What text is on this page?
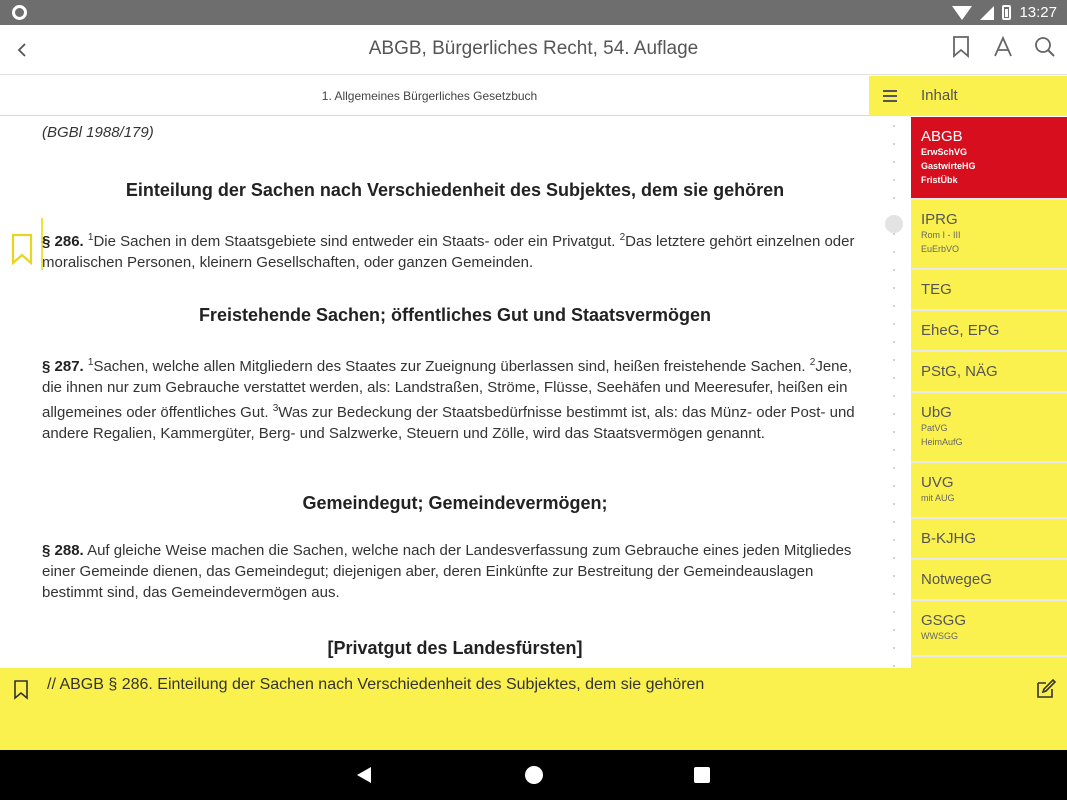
13:27
ABGB, Bürgerliches Recht, 54. Auflage
1. Allgemeines Bürgerliches Gesetzbuch	Inhalt
(BGBl 1988/179)
Einteilung der Sachen nach Verschiedenheit des Subjektes, dem sie gehören
§ 286. $^1$Die Sachen in dem Staatsgebiete sind entweder ein Staats- oder ein Privatgut. $^2$Das letztere gehört einzelnen oder moralischen Personen, kleinern Gesellschaften, oder ganzen Gemeinden.
Freistehende Sachen; öffentliches Gut und Staatsvermögen
§ 287. $^1$Sachen, welche allen Mitgliedern des Staates zur Zueignung überlassen sind, heißen freistehende Sachen. $^2$Jene, die ihnen nur zum Gebrauche verstattet werden, als: Landstraßen, Ströme, Flüsse, Seehäfen und Meeresufer, heißen ein allgemeines oder öffentliches Gut. $^3$Was zur Bedeckung der Staatsbedürfnisse bestimmt ist, als: das Münz- oder Post- und andere Regalien, Kammergüter, Berg- und Salzwerke, Steuern und Zölle, wird das Staatsvermögen genannt.
Gemeindegut; Gemeindevermögen;
§ 288. Auf gleiche Weise machen die Sachen, welche nach der Landesverfassung zum Gebrauche eines jeden Mitgliedes einer Gemeinde dienen, das Gemeindegut; diejenigen aber, deren Einkünfte zur Bestreitung der Gemeindeauslagen bestimmt sind, das Gemeindevermögen aus.
[Privatgut des Landesfürsten]
ABGB
ErwSchVG
GastwirteHG
FristÜbk
IPRG
Rom I - III
EuErbVO
TEG
EheG, EPG
PStG, NÄG
UbG
PatVG
HeimAufG
UVG
mit AUG
B-KJHG
NotwegeG
GSGG
WWSGG
// ABGB § 286. Einteilung der Sachen nach Verschiedenheit des Subjektes, dem sie gehören
